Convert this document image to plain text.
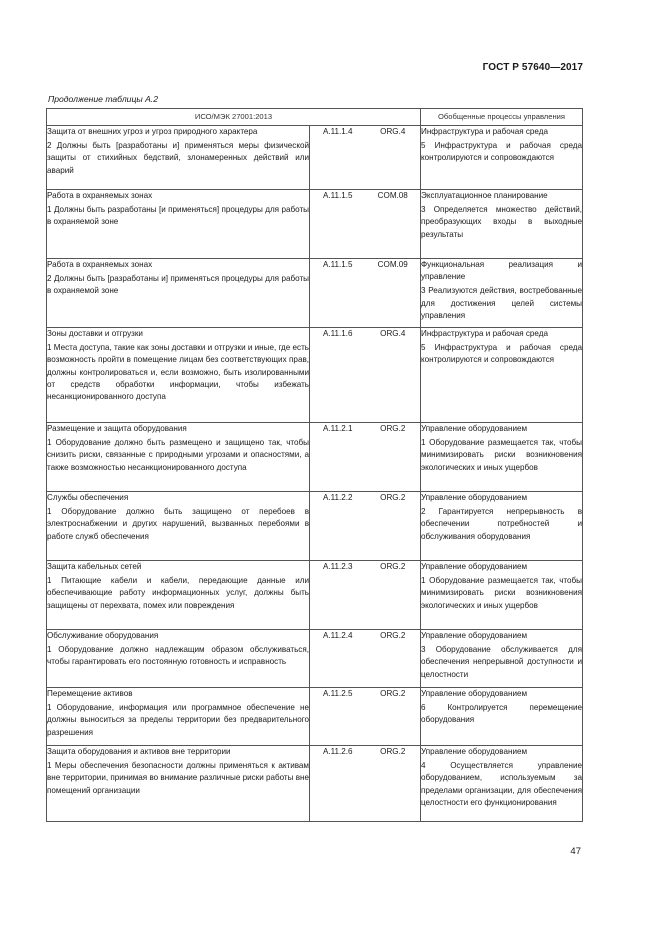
ГОСТ Р 57640—2017
Продолжение таблицы А.2
ИСО/МЭК 27001:2013			Обобщенные процессы управления

Защита от внешних угроз и угроз природного характера
2 Должны быть [разработаны и] применяться меры физической защиты от стихийных бедствий, злонамеренных действий или аварий	A.11.1.4	ORG.4	Инфраструктура и рабочая среда
5 Инфраструктура и рабочая среда контролируются и сопровождаются

Работа в охраняемых зонах
1 Должны быть разработаны [и применяться] процедуры для работы в охраняемой зоне	A.11.1.5	COM.08	Эксплуатационное планирование
3 Определяется множество действий, преобразующих входы в выходные результаты

Работа в охраняемых зонах
2 Должны быть [разработаны и] применяться процедуры для работы в охраняемой зоне	A.11.1.5	COM.09	Функциональная реализация и управление
3 Реализуются действия, востребованные для достижения целей системы управления

Зоны доставки и отгрузки
1 Места доступа, такие как зоны доставки и отгрузки и иные, где есть возможность пройти в помещение лицам без соответствующих прав, должны контролироваться и, если возможно, быть изолированными от средств обработки информации, чтобы избежать несанкционированного доступа	A.11.1.6	ORG.4	Инфраструктура и рабочая среда
5 Инфраструктура и рабочая среда контролируются и сопровождаются

Размещение и защита оборудования
1 Оборудование должно быть размещено и защищено так, чтобы снизить риски, связанные с природными угрозами и опасностями, а также возможностью несанкционированного доступа	A.11.2.1	ORG.2	Управление оборудованием
1 Оборудование размещается так, чтобы минимизировать риски возникновения экологических и иных ущербов

Службы обеспечения
1 Оборудование должно быть защищено от перебоев в электроснабжении и других нарушений, вызванных перебоями в работе служб обеспечения	A.11.2.2	ORG.2	Управление оборудованием
2 Гарантируется непрерывность в обеспечении потребностей и обслуживания оборудования

Защита кабельных сетей
1 Питающие кабели и кабели, передающие данные или обеспечивающие работу информационных услуг, должны быть защищены от перехвата, помех или повреждения	A.11.2.3	ORG.2	Управление оборудованием
1 Оборудование размещается так, чтобы минимизировать риски возникновения экологических и иных ущербов

Обслуживание оборудования
1 Оборудование должно надлежащим образом обслуживаться, чтобы гарантировать его постоянную готовность и исправность	A.11.2.4	ORG.2	Управление оборудованием
3 Оборудование обслуживается для обеспечения непрерывной доступности и целостности

Перемещение активов
1 Оборудование, информация или программное обеспечение не должны выноситься за пределы территории без предварительного разрешения	A.11.2.5	ORG.2	Управление оборудованием
6 Контролируется перемещение оборудования

Защита оборудования и активов вне территории
1 Меры обеспечения безопасности должны применяться к активам вне территории, принимая во внимание различные риски работы вне помещений организации	A.11.2.6	ORG.2	Управление оборудованием
4 Осуществляется управление оборудованием, используемым за пределами организации, для обеспечения целостности его функционирования
47
